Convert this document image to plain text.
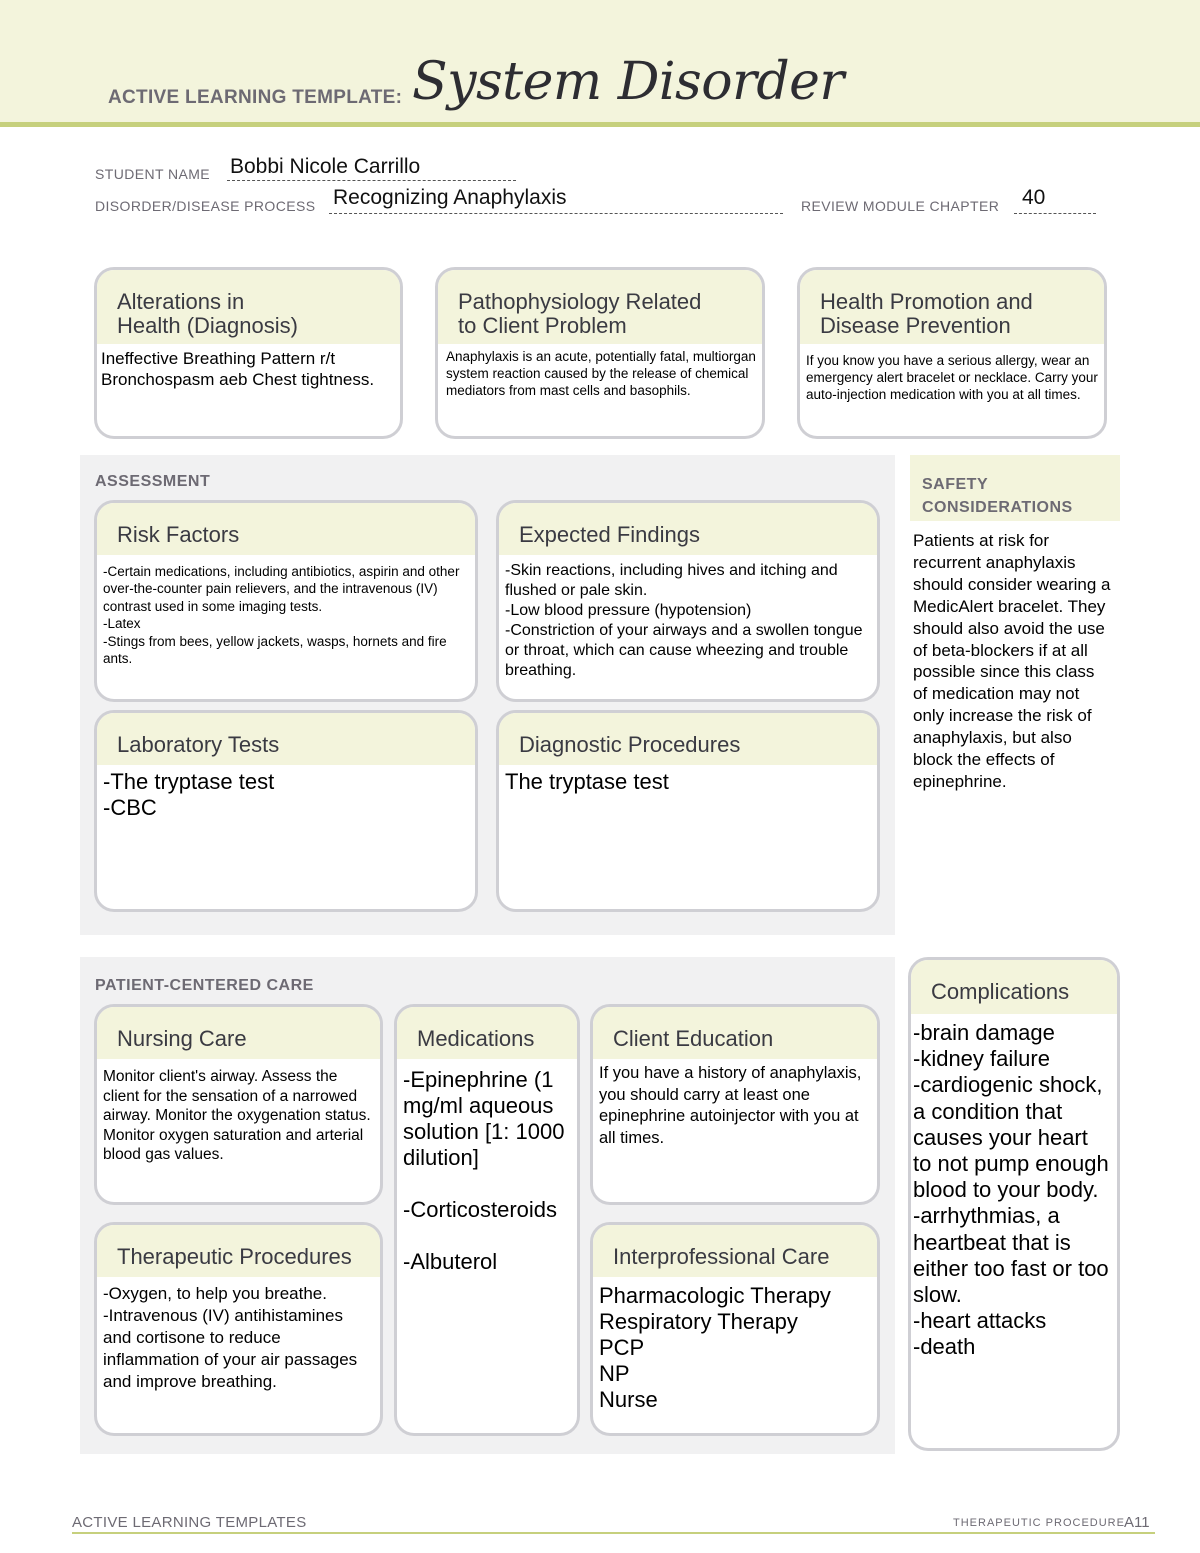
ACTIVE LEARNING TEMPLATE: System Disorder
STUDENT NAME Bobbi Nicole Carrillo
DISORDER/DISEASE PROCESS Recognizing Anaphylaxis	REVIEW MODULE CHAPTER 40
Alterations in
Health (Diagnosis)
Ineffective Breathing Pattern r/t Bronchospasm aeb Chest tightness.
Pathophysiology Related
to Client Problem
Anaphylaxis is an acute, potentially fatal, multiorgan system reaction caused by the release of chemical mediators from mast cells and basophils.
Health Promotion and
Disease Prevention
If you know you have a serious allergy, wear an emergency alert bracelet or necklace. Carry your auto-injection medication with you at all times.
ASSESSMENT
Risk Factors
-Certain medications, including antibiotics, aspirin and other over-the-counter pain relievers, and the intravenous (IV) contrast used in some imaging tests.
-Latex
-Stings from bees, yellow jackets, wasps, hornets and fire ants.
Expected Findings
-Skin reactions, including hives and itching and flushed or pale skin.
-Low blood pressure (hypotension)
-Constriction of your airways and a swollen tongue or throat, which can cause wheezing and trouble breathing.
Laboratory Tests
-The tryptase test
-CBC
Diagnostic Procedures
The tryptase test
SAFETY
CONSIDERATIONS
Patients at risk for recurrent anaphylaxis should consider wearing a MedicAlert bracelet. They should also avoid the use of beta-blockers if at all possible since this class of medication may not only increase the risk of anaphylaxis, but also block the effects of epinephrine.
PATIENT-CENTERED CARE
Nursing Care
Monitor client's airway. Assess the client for the sensation of a narrowed airway. Monitor the oxygenation status. Monitor oxygen saturation and arterial blood gas values.
Medications
-Epinephrine (1 mg/ml aqueous solution [1: 1000 dilution]

-Corticosteroids

-Albuterol
Client Education
If you have a history of anaphylaxis, you should carry at least one epinephrine autoinjector with you at all times.
Therapeutic Procedures
-Oxygen, to help you breathe.
-Intravenous (IV) antihistamines and cortisone to reduce inflammation of your air passages and improve breathing.
Interprofessional Care
Pharmacologic Therapy
Respiratory Therapy
PCP
NP
Nurse
Complications
-brain damage
-kidney failure
-cardiogenic shock, a condition that causes your heart to not pump enough blood to your body.
-arrhythmias, a heartbeat that is either too fast or too slow.
-heart attacks
-death
ACTIVE LEARNING TEMPLATES	THERAPEUTIC PROCEDURE A11
